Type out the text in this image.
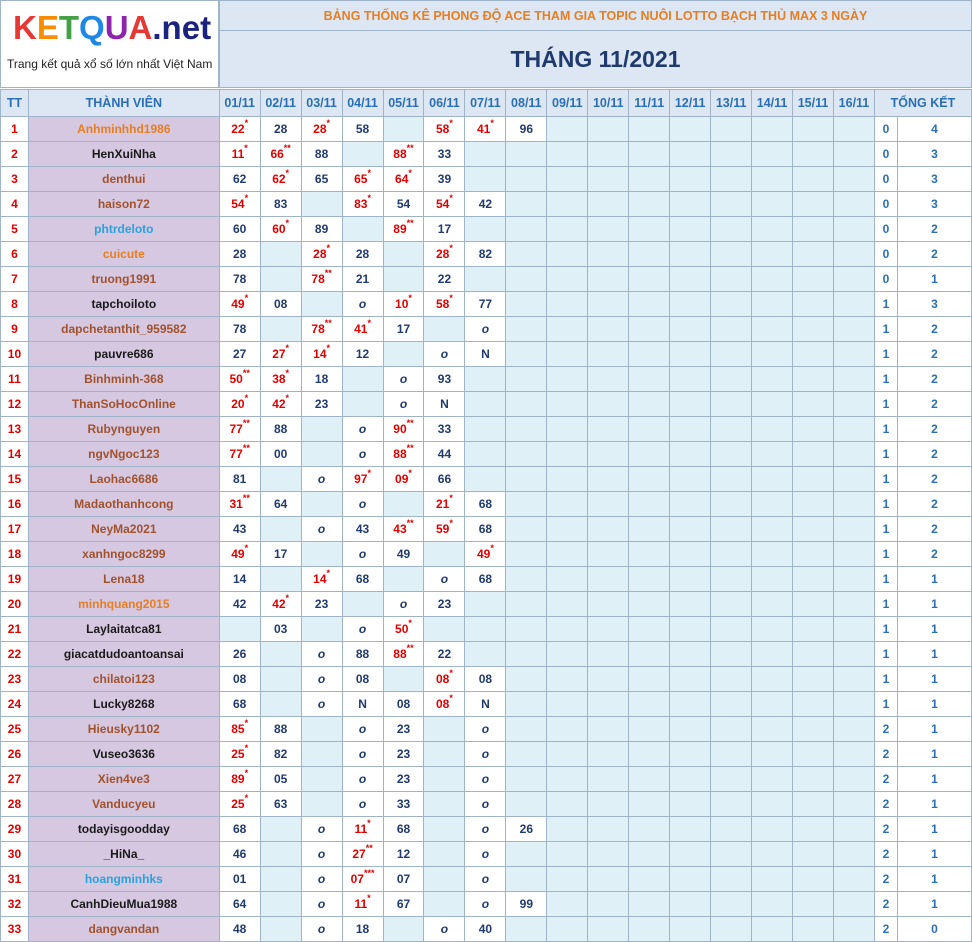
KETQUA.net
Trang kết quả xổ số lớn nhất Việt Nam
BẢNG THỐNG KÊ PHONG ĐỘ ACE THAM GIA TOPIC NUÔI LOTTO BẠCH THỦ MAX 3 NGÀY
THÁNG 11/2021
TT	THÀNH VIÊN	01/11	02/11	03/11	04/11	05/11	06/11	07/11	08/11	09/11	10/11	11/11	12/11	13/11	14/11	15/11	16/11	TỔNG KẾT	
1	Anhminhhd1986	22*	28	28*	58		58*	41*	96									0	4
2	HenXuiNha	11*	66**	88		88**	33											0	3
3	denthui	62	62*	65	65*	64*	39											0	3
4	haison72	54*	83		83*	54	54*	42										0	3
5	phtrdeloto	60	60*	89		89**	17											0	2
6	cuicute	28		28*	28		28*	82										0	2
7	truong1991	78		78**	21		22											0	1
8	tapchoiloto	49*	08		o	10*	58*	77										1	3
9	dapchetanthit_959582	78		78**	41*	17		o										1	2
10	pauvre686	27	27*	14*	12		o	N										1	2
11	Binhminh-368	50**	38*	18		o	93											1	2
12	ThanSoHocOnline	20*	42*	23		o	N											1	2
13	Rubynguyen	77**	88		o	90**	33											1	2
14	ngvNgoc123	77**	00		o	88**	44											1	2
15	Laohac6686	81		o	97*	09*	66											1	2
16	Madaothanhcong	31**	64		o		21*	68										1	2
17	NeyMa2021	43		o	43	43**	59*	68										1	2
18	xanhngoc8299	49*	17		o	49		49*										1	2
19	Lena18	14		14*	68		o	68										1	1
20	minhquang2015	42	42*	23		o	23											1	1
21	Laylaitatca81		03		o	50*												1	1
22	giacatdudoantoansai	26		o	88	88**	22											1	1
23	chilatoi123	08		o	08		08*	08										1	1
24	Lucky8268	68		o	N	08	08*	N										1	1
25	Hieusky1102	85*	88		o	23		o										2	1
26	Vuseo3636	25*	82		o	23		o										2	1
27	Xien4ve3	89*	05		o	23		o										2	1
28	Vanducyeu	25*	63		o	33		o										2	1
29	todayisgoodday	68		o	11*	68		o	26									2	1
30	_HiNa_	46		o	27**	12		o										2	1
31	hoangminhks	01		o	07***	07		o										2	1
32	CanhDieuMua1988	64		o	11*	67		o	99									2	1
33	dangvandan	48		o	18		o	40										2	0
